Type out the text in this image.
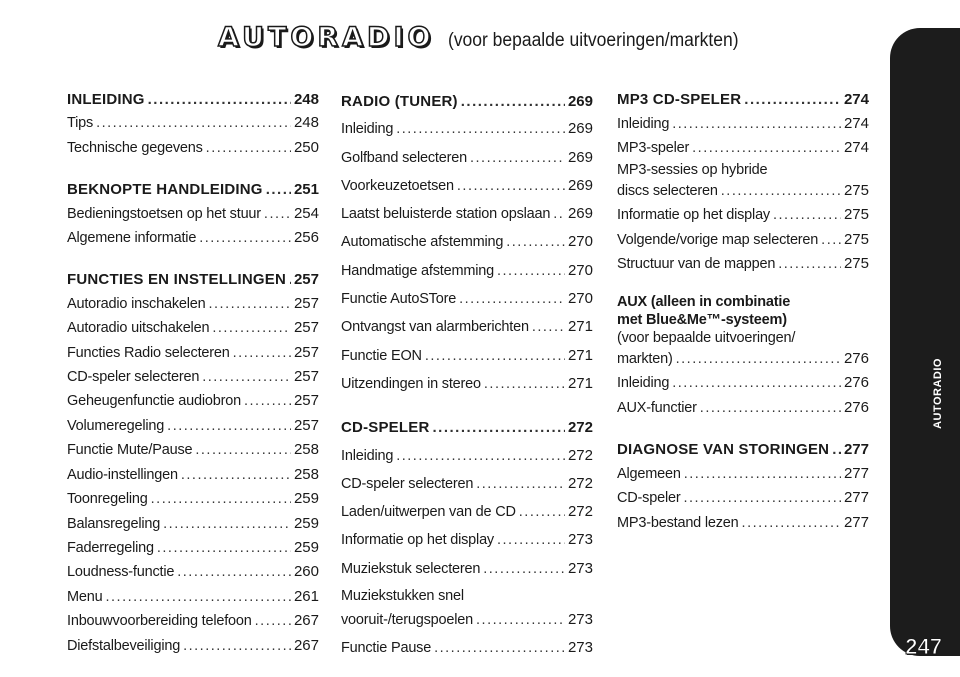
AUTORADIO (voor bepaalde uitvoeringen/markten)
INLEIDING .....	248
Tips .....	248
Technische gegevens .....	250
BEKNOPTE HANDLEIDING ..... 251
Bedieningstoetsen op het stuur ..... 254
Algemene informatie .....	256
FUNCTIES EN INSTELLINGEN ..... 257
Autoradio inschakelen .....	257
Autoradio uitschakelen .....	257
Functies Radio selecteren .....	257
CD-speler selecteren .....	257
Geheugenfunctie audiobron .....	257
Volumeregeling .....	257
Functie Mute/Pause .....	258
Audio-instellingen .....	258
Toonregeling .....	259
Balansregeling .....	259
Faderregeling .....	259
Loudness-functie .....	260
Menu .....	261
Inbouwvoorbereiding telefoon .....	267
Diefstalbeveiliging .....	267
RADIO (TUNER) .....	269
Inleiding .....	269
Golfband selecteren .....	269
Voorkeuzetoetsen .....	269
Laatst beluisterde station opslaan ..... 269
Automatische afstemming .....	270
Handmatige afstemming .....	270
Functie AutoSTore .....	270
Ontvangst van alarmberichten .....	271
Functie EON .....	271
Uitzendingen in stereo .....	271
CD-SPELER .....	272
Inleiding .....	272
CD-speler selecteren .....	272
Laden/uitwerpen van de CD .....	272
Informatie op het display .....	273
Muziekstuk selecteren .....	273
Muziekstukken snel
vooruit-/terugspoelen .....	273
Functie Pause .....	273
MP3 CD-SPELER .....	274
Inleiding .....	274
MP3-speler .....	274
MP3-sessies op hybride
discs selecteren .....	275
Informatie op het display .....	275
Volgende/vorige map selecteren ..... 275
Structuur van de mappen .....	275
AUX (alleen in combinatie
met Blue&Me™-systeem)
(voor bepaalde uitvoeringen/
markten) .....	276
Inleiding .....	276
AUX-functier .....	276
DIAGNOSE VAN STORINGEN ..... 277
Algemeen .....	277
CD-speler .....	277
MP3-bestand lezen .....	277
AUTORADIO
247
